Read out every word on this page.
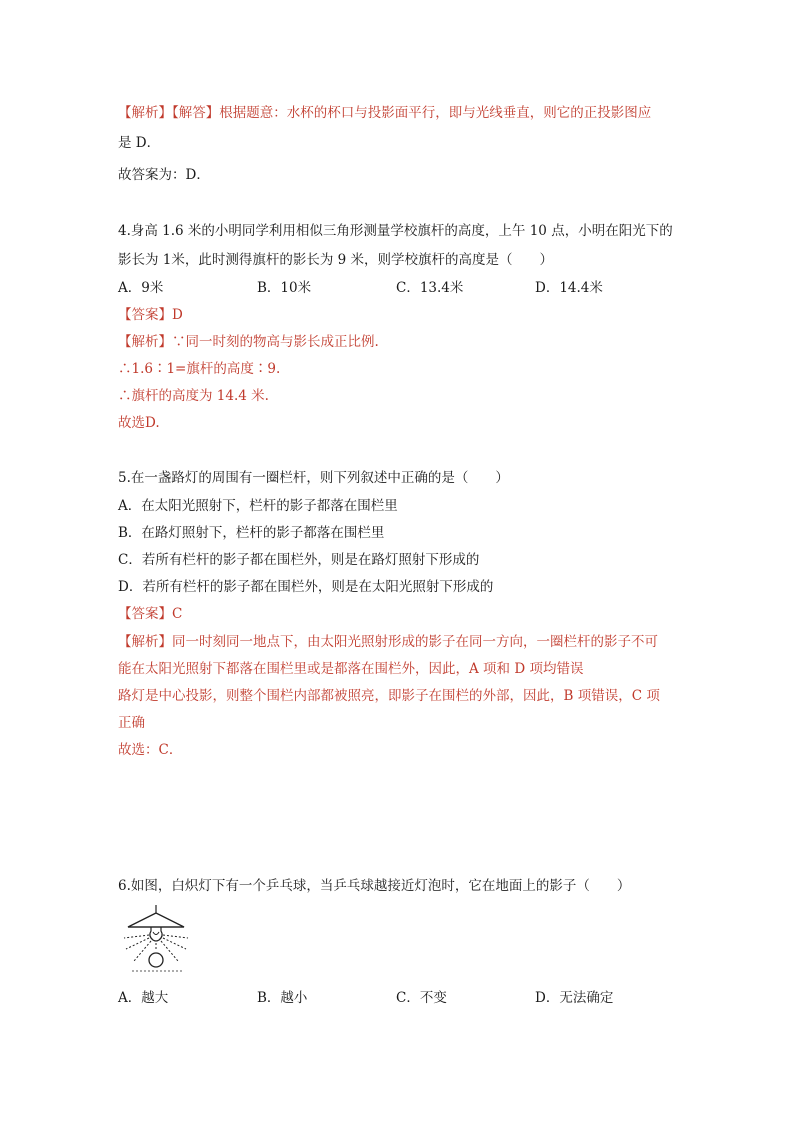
【解析】【解答】根据题意：水杯的杯口与投影面平行，即与光线垂直，则它的正投影图应
是 D．
故答案为：D．
4.身高 1.6 米的小明同学利用相似三角形测量学校旗杆的高度，上午 10 点，小明在阳光下的
影长为 1米，此时测得旗杆的影长为 9 米，则学校旗杆的高度是（　　）
A．9米	B．10米	C．13.4米	D．14.4米
【答案】D
【解析】∵同一时刻的物高与影长成正比例.
∴1.6∶1=旗杆的高度∶9.
∴旗杆的高度为 14.4 米.
故选D.
5.在一盏路灯的周围有一圈栏杆，则下列叙述中正确的是（　　）
A．在太阳光照射下，栏杆的影子都落在围栏里
B．在路灯照射下，栏杆的影子都落在围栏里
C．若所有栏杆的影子都在围栏外，则是在路灯照射下形成的
D．若所有栏杆的影子都在围栏外，则是在太阳光照射下形成的
【答案】C
【解析】同一时刻同一地点下，由太阳光照射形成的影子在同一方向，一圈栏杆的影子不可
能在太阳光照射下都落在围栏里或是都落在围栏外，因此，A 项和 D 项均错误
路灯是中心投影，则整个围栏内部都被照亮，即影子在围栏的外部，因此，B 项错误，C 项
正确
故选：C．
6.如图，白炽灯下有一个乒乓球，当乒乓球越接近灯泡时，它在地面上的影子（　　）
A．越大	B．越小	C．不变	D．无法确定
